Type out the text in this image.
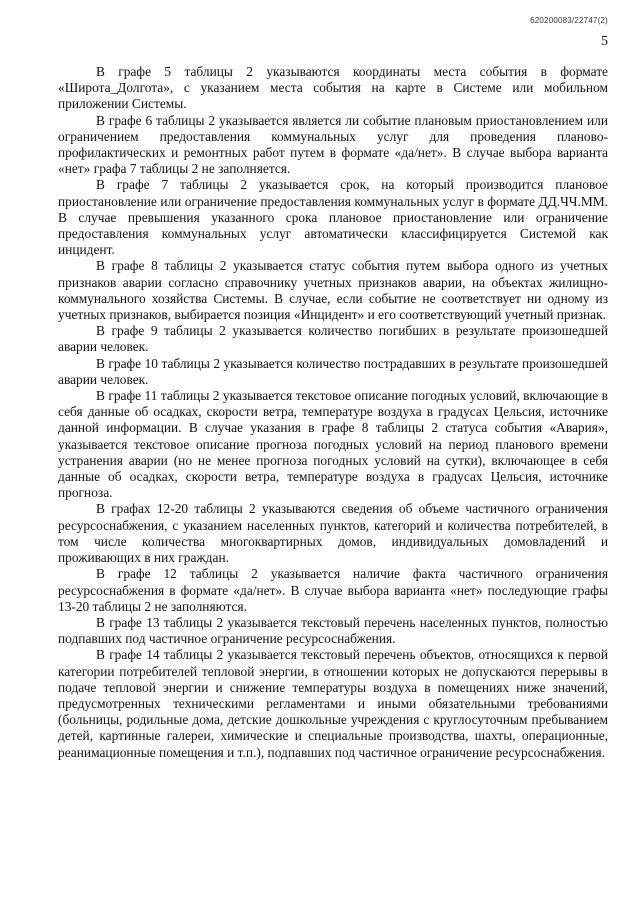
620200083/22747(2)
5

В графе 5 таблицы 2 указываются координаты места события в формате «Широта_Долгота», с указанием места события на карте в Системе или мобильном приложении Системы.

В графе 6 таблицы 2 указывается является ли событие плановым приостановлением или ограничением предоставления коммунальных услуг для проведения планово-профилактических и ремонтных работ путем в формате «да/нет». В случае выбора варианта «нет» графа 7 таблицы 2 не заполняется.

В графе 7 таблицы 2 указывается срок, на который производится плановое приостановление или ограничение предоставления коммунальных услуг в формате ДД.ЧЧ.ММ. В случае превышения указанного срока плановое приостановление или ограничение предоставления коммунальных услуг автоматически классифицируется Системой как инцидент.

В графе 8 таблицы 2 указывается статус события путем выбора одного из учетных признаков аварии согласно справочнику учетных признаков аварии, на объектах жилищно-коммунального хозяйства Системы. В случае, если событие не соответствует ни одному из учетных признаков, выбирается позиция «Инцидент» и его соответствующий учетный признак.

В графе 9 таблицы 2 указывается количество погибших в результате произошедшей аварии человек.

В графе 10 таблицы 2 указывается количество пострадавших в результате произошедшей аварии человек.

В графе 11 таблицы 2 указывается текстовое описание погодных условий, включающие в себя данные об осадках, скорости ветра, температуре воздуха в градусах Цельсия, источнике данной информации. В случае указания в графе 8 таблицы 2 статуса события «Авария», указывается текстовое описание прогноза погодных условий на период планового времени устранения аварии (но не менее прогноза погодных условий на сутки), включающее в себя данные об осадках, скорости ветра, температуре воздуха в градусах Цельсия, источнике прогноза.

В графах 12-20 таблицы 2 указываются сведения об объеме частичного ограничения ресурсоснабжения, с указанием населенных пунктов, категорий и количества потребителей, в том числе количества многоквартирных домов, индивидуальных домовладений и проживающих в них граждан.

В графе 12 таблицы 2 указывается наличие факта частичного ограничения ресурсоснабжения в формате «да/нет». В случае выбора варианта «нет» последующие графы 13-20 таблицы 2 не заполняются.

В графе 13 таблицы 2 указывается текстовый перечень населенных пунктов, полностью подпавших под частичное ограничение ресурсоснабжения.

В графе 14 таблицы 2 указывается текстовый перечень объектов, относящихся к первой категории потребителей тепловой энергии, в отношении которых не допускаются перерывы в подаче тепловой энергии и снижение температуры воздуха в помещениях ниже значений, предусмотренных техническими регламентами и иными обязательными требованиями (больницы, родильные дома, детские дошкольные учреждения с круглосуточным пребыванием детей, картинные галереи, химические и специальные производства, шахты, операционные, реанимационные помещения и т.п.), подпавших под частичное ограничение ресурсоснабжения.
